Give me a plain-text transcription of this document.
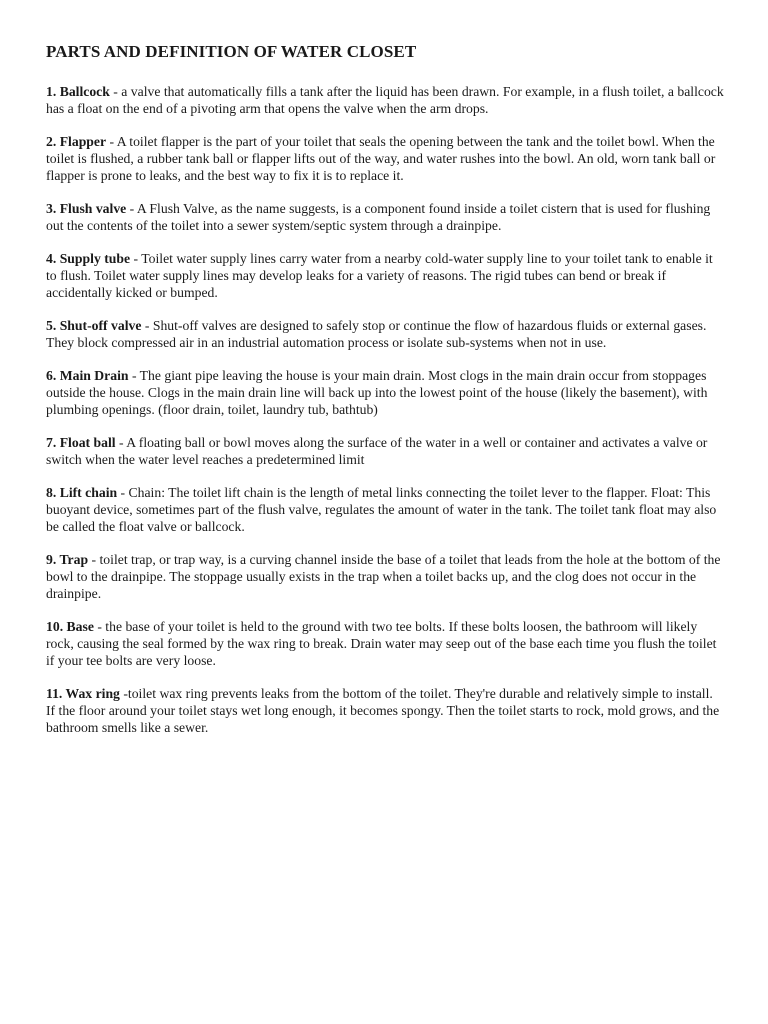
PARTS AND DEFINITION OF WATER CLOSET

1. Ballcock - a valve that automatically fills a tank after the liquid has been drawn. For example, in a flush toilet, a ballcock has a float on the end of a pivoting arm that opens the valve when the arm drops.

2. Flapper - A toilet flapper is the part of your toilet that seals the opening between the tank and the toilet bowl. When the toilet is flushed, a rubber tank ball or flapper lifts out of the way, and water rushes into the bowl. An old, worn tank ball or flapper is prone to leaks, and the best way to fix it is to replace it.

3. Flush valve - A Flush Valve, as the name suggests, is a component found inside a toilet cistern that is used for flushing out the contents of the toilet into a sewer system/septic system through a drainpipe.

4. Supply tube - Toilet water supply lines carry water from a nearby cold-water supply line to your toilet tank to enable it to flush. Toilet water supply lines may develop leaks for a variety of reasons. The rigid tubes can bend or break if accidentally kicked or bumped.

5. Shut-off valve - Shut-off valves are designed to safely stop or continue the flow of hazardous fluids or external gases. They block compressed air in an industrial automation process or isolate sub-systems when not in use.

6. Main Drain - The giant pipe leaving the house is your main drain. Most clogs in the main drain occur from stoppages outside the house. Clogs in the main drain line will back up into the lowest point of the house (likely the basement), with plumbing openings. (floor drain, toilet, laundry tub, bathtub)

7. Float ball - A floating ball or bowl moves along the surface of the water in a well or container and activates a valve or switch when the water level reaches a predetermined limit

8. Lift chain - Chain: The toilet lift chain is the length of metal links connecting the toilet lever to the flapper. Float: This buoyant device, sometimes part of the flush valve, regulates the amount of water in the tank. The toilet tank float may also be called the float valve or ballcock.

9. Trap - toilet trap, or trap way, is a curving channel inside the base of a toilet that leads from the hole at the bottom of the bowl to the drainpipe. The stoppage usually exists in the trap when a toilet backs up, and the clog does not occur in the drainpipe.

10. Base - the base of your toilet is held to the ground with two tee bolts. If these bolts loosen, the bathroom will likely rock, causing the seal formed by the wax ring to break. Drain water may seep out of the base each time you flush the toilet if your tee bolts are very loose.

11. Wax ring -toilet wax ring prevents leaks from the bottom of the toilet. They're durable and relatively simple to install. If the floor around your toilet stays wet long enough, it becomes spongy. Then the toilet starts to rock, mold grows, and the bathroom smells like a sewer.
